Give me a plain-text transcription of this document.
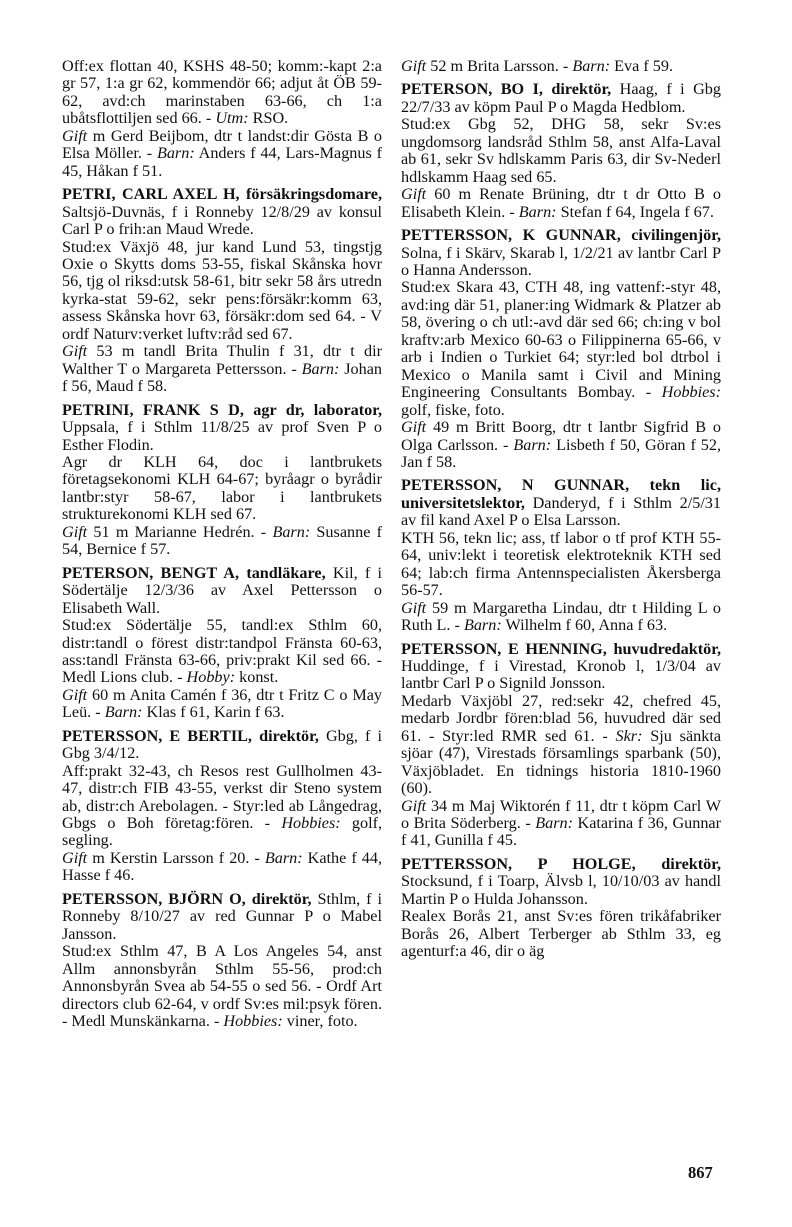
Off:ex flottan 40, KSHS 48-50; komm:-kapt 2:a gr 57, 1:a gr 62, kommendör 66; adjut åt ÖB 59-62, avd:ch marinstaben 63-66, ch 1:a ubåtsflottiljen sed 66. - Utm: RSO.

Gift m Gerd Beijbom, dtr t landst:dir Gösta B o Elsa Möller. - Barn: Anders f 44, Lars-Magnus f 45, Håkan f 51.

PETRI, CARL AXEL H, försäkringsdomare, Saltsjö-Duvnäs, f i Ronneby 12/8/29 av konsul Carl P o frih:an Maud Wrede.

Stud:ex Växjö 48, jur kand Lund 53, tingstjg Oxie o Skytts doms 53-55, fiskal Skånska hovr 56, tjg ol riksd:utsk 58-61, bitr sekr 58 års utredn kyrka-stat 59-62, sekr pens:försäkr:komm 63, assess Skånska hovr 63, försäkr:dom sed 64. - V ordf Naturv:verket luftv:råd sed 67.

Gift 53 m tandl Brita Thulin f 31, dtr t dir Walther T o Margareta Pettersson. - Barn: Johan f 56, Maud f 58.

PETRINI, FRANK S D, agr dr, laborator, Uppsala, f i Sthlm 11/8/25 av prof Sven P o Esther Flodin.

Agr dr KLH 64, doc i lantbrukets företagsekonomi KLH 64-67; byråagr o byrådir lantbr:styr 58-67, labor i lantbrukets strukturekonomi KLH sed 67.

Gift 51 m Marianne Hedrén. - Barn: Susanne f 54, Bernice f 57.

PETERSON, BENGT A, tandläkare, Kil, f i Södertälje 12/3/36 av Axel Pettersson o Elisabeth Wall.

Stud:ex Södertälje 55, tandl:ex Sthlm 60, distr:tandl o förest distr:tandpol Fränsta 60-63, ass:tandl Fränsta 63-66, priv:prakt Kil sed 66. - Medl Lions club. - Hobby: konst.

Gift 60 m Anita Camén f 36, dtr t Fritz C o May Leü. - Barn: Klas f 61, Karin f 63.

PETERSSON, E BERTIL, direktör, Gbg, f i Gbg 3/4/12.

Aff:prakt 32-43, ch Resos rest Gullholmen 43-47, distr:ch FIB 43-55, verkst dir Steno system ab, distr:ch Arebolagen. - Styr:led ab Långedrag, Gbgs o Boh företag:fören. - Hobbies: golf, segling.

Gift m Kerstin Larsson f 20. - Barn: Kathe f 44, Hasse f 46.

PETERSSON, BJÖRN O, direktör, Sthlm, f i Ronneby 8/10/27 av red Gunnar P o Mabel Jansson.

Stud:ex Sthlm 47, B A Los Angeles 54, anst Allm annonsbyrån Sthlm 55-56, prod:ch Annonsbyrån Svea ab 54-55 o sed 56. - Ordf Art directors club 62-64, v ordf Sv:es mil:psyk fören. - Medl Munskänkarna. - Hobbies: viner, foto.

Gift 52 m Brita Larsson. - Barn: Eva f 59.

PETERSON, BO I, direktör, Haag, f i Gbg 22/7/33 av köpm Paul P o Magda Hedblom.

Stud:ex Gbg 52, DHG 58, sekr Sv:es ungdomsorg landsråd Sthlm 58, anst Alfa-Laval ab 61, sekr Sv hdlskamm Paris 63, dir Sv-Nederl hdlskamm Haag sed 65.

Gift 60 m Renate Brüning, dtr t dr Otto B o Elisabeth Klein. - Barn: Stefan f 64, Ingela f 67.

PETTERSSON, K GUNNAR, civilingenjör, Solna, f i Skärv, Skarab l, 1/2/21 av lantbr Carl P o Hanna Andersson.

Stud:ex Skara 43, CTH 48, ing vattenf:-styr 48, avd:ing där 51, planer:ing Widmark & Platzer ab 58, övering o ch utl:-avd där sed 66; ch:ing v bol kraftv:arb Mexico 60-63 o Filippinerna 65-66, v arb i Indien o Turkiet 64; styr:led bol dtrbol i Mexico o Manila samt i Civil and Mining Engineering Consultants Bombay. - Hobbies: golf, fiske, foto.

Gift 49 m Britt Boorg, dtr t lantbr Sigfrid B o Olga Carlsson. - Barn: Lisbeth f 50, Göran f 52, Jan f 58.

PETERSSON, N GUNNAR, tekn lic, universitetslektor, Danderyd, f i Sthlm 2/5/31 av fil kand Axel P o Elsa Larsson.

KTH 56, tekn lic; ass, tf labor o tf prof KTH 55-64, univ:lekt i teoretisk elektroteknik KTH sed 64; lab:ch firma Antennspecialisten Åkersberga 56-57.

Gift 59 m Margaretha Lindau, dtr t Hilding L o Ruth L. - Barn: Wilhelm f 60, Anna f 63.

PETERSSON, E HENNING, huvudredaktör, Huddinge, f i Virestad, Kronob l, 1/3/04 av lantbr Carl P o Signild Jonsson.

Medarb Växjöbl 27, red:sekr 42, chefred 45, medarb Jordbr fören:blad 56, huvudred där sed 61. - Styr:led RMR sed 61. - Skr: Sju sänkta sjöar (47), Virestads församlings sparbank (50), Växjöbladet. En tidnings historia 1810-1960 (60).

Gift 34 m Maj Wiktorén f 11, dtr t köpm Carl W o Brita Söderberg. - Barn: Katarina f 36, Gunnar f 41, Gunilla f 45.

PETTERSSON, P HOLGE, direktör, Stocksund, f i Toarp, Älvsb l, 10/10/03 av handl Martin P o Hulda Johansson.

Realex Borås 21, anst Sv:es fören trikåfabriker Borås 26, Albert Terberger ab Sthlm 33, eg agenturf:a 46, dir o äg

867
